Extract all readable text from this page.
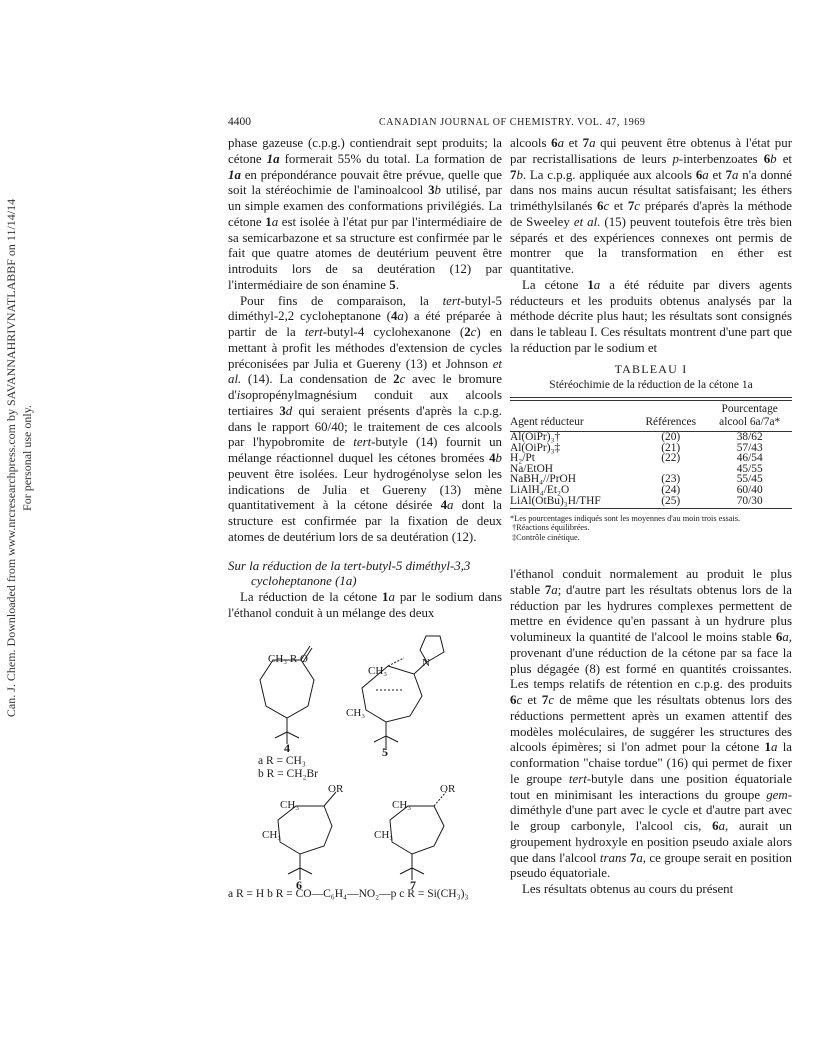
4400	CANADIAN JOURNAL OF CHEMISTRY. VOL. 47, 1969
Can. J. Chem. Downloaded from www.nrcresearchpress.com by SAVANNAHRIVNATLABBF on 11/14/14 For personal use only.

phase gazeuse (c.p.g.) contiendrait sept produits; la cétone 1a formerait 55% du total. La formation de 1a en prépondérance pouvait être prévue, quelle que soit la stéréochimie de l'aminoalcool 3b utilisé, par un simple examen des conformations privilégiés. La cétone 1a est isolée à l'état pur par l'intermédiaire de sa semicarbazone et sa structure est confirmée par le fait que quatre atomes de deutérium peuvent être introduits lors de sa deutération (12) par l'intermédiaire de son énamine 5.

Pour fins de comparaison, la tert-butyl-5 diméthyl-2,2 cycloheptanone (4a) a été préparée à partir de la tert-butyl-4 cyclohexanone (2c) en mettant à profit les méthodes d'extension de cycles préconisées par Julia et Guereny (13) et Johnson et al. (14). La condensation de 2c avec le bromure d'isopropénylmagnésium conduit aux alcools tertiaires 3d qui seraient présents d'après la c.p.g. dans le rapport 60/40; le traitement de ces alcools par l'hypobromite de tert-butyle (14) fournit un mélange réactionnel duquel les cétones bromées 4b peuvent être isolées. Leur hydrogénolyse selon les indications de Julia et Guereny (13) mène quantitativement à la cétone désirée 4a dont la structure est confirmée par la fixation de deux atomes de deutérium lors de sa deutération (12).

Sur la réduction de la tert-butyl-5 diméthyl-3,3
cycloheptanone (1a)

La réduction de la cétone 1a par le sodium dans l'éthanol conduit à un mélange des deux

CH₃ R O
CH₃
CH₃
N
OR
CH₃
CH₃
OR
CH₃
CH₃
4	5
6	7
a R = CH₃
b R = CH₂Br
a R = H b R = CO—C₆H₄—NO₂—p c R = Si(CH₃)₃

alcools 6a et 7a qui peuvent être obtenus à l'état pur par recristallisations de leurs p-interbenzoates 6b et 7b. La c.p.g. appliquée aux alcools 6a et 7a n'a donné dans nos mains aucun résultat satisfaisant; les éthers triméthylsilanés 6c et 7c préparés d'après la méthode de Sweeley et al. (15) peuvent toutefois être très bien séparés et des expériences connexes ont permis de montrer que la transformation en éther est quantitative.

La cétone 1a a été réduite par divers agents réducteurs et les produits obtenus analysés par la méthode décrite plus haut; les résultats sont consignés dans le tableau I. Ces résultats montrent d'une part que la réduction par le sodium et

TABLEAU I
Stéréochimie de la réduction de la cétone 1a
Agent réducteur	Références	Pourcentage
alcool 6a/7a*

Al(OiPr)₃†	(20)	38/62
Al(OiPr)₃‡	(21)	57/43
H₂/Pt	(22)	46/54
Na/EtOH		45/55
NaBH₄//PrOH	(23)	55/45
LiAlH₄/Et₂O	(24)	60/40
LiAl(OtBu)₃H/THF	(25)	70/30
*Les pourcentages indiqués sont les moyennes d'au moin trois essais.
†Réactions équilibrées.
‡Contrôle cinétique.

l'éthanol conduit normalement au produit le plus stable 7a; d'autre part les résultats obtenus lors de la réduction par les hydrures complexes permettent de mettre en évidence qu'en passant à un hydrure plus volumineux la quantité de l'alcool le moins stable 6a, provenant d'une réduction de la cétone par sa face la plus dégagée (8) est formé en quantités croissantes. Les temps relatifs de rétention en c.p.g. des produits 6c et 7c de même que les résultats obtenus lors des réductions permettent après un examen attentif des modèles moléculaires, de suggérer les structures des alcools épimères; si l'on admet pour la cétone 1a la conformation "chaise tordue" (16) qui permet de fixer le groupe tert-butyle dans une position équatoriale tout en minimisant les interactions du groupe gem-diméthyle d'une part avec le cycle et d'autre part avec le group carbonyle, l'alcool cis, 6a, aurait un groupement hydroxyle en position pseudo axiale alors que dans l'alcool trans 7a, ce groupe serait en position pseudo équatoriale.

Les résultats obtenus au cours du présent
